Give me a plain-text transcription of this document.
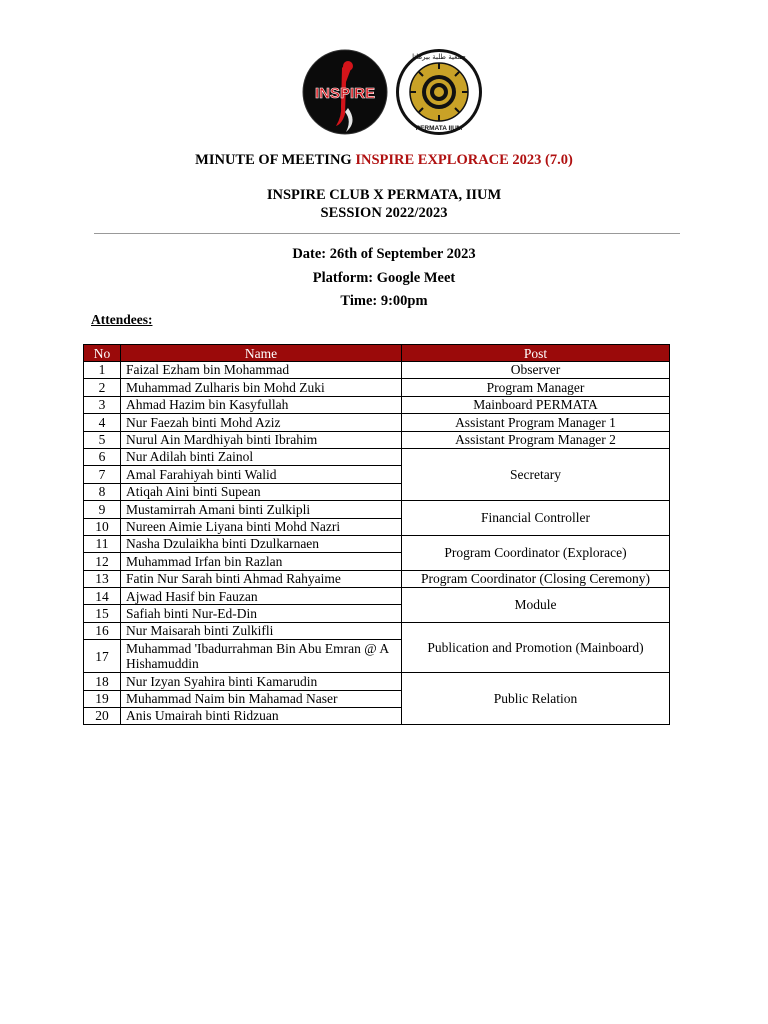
INSPIRE
جمعية طلبة بيرماتا
PERMATA IIUM
MINUTE OF MEETING INSPIRE EXPLORACE 2023 (7.0)
INSPIRE CLUB X PERMATA, IIUM
SESSION 2022/2023
Date: 26th of September 2023
Platform: Google Meet
Time: 9:00pm
Attendees:
No	Name	Post
1	Faizal Ezham bin Mohammad	Observer
2	Muhammad Zulharis bin Mohd Zuki	Program Manager
3	Ahmad Hazim bin Kasyfullah	Mainboard PERMATA
4	Nur Faezah binti Mohd Aziz	Assistant Program Manager 1
5	Nurul Ain Mardhiyah binti Ibrahim	Assistant Program Manager 2
6	Nur Adilah binti Zainol	Secretary
7	Amal Farahiyah binti Walid	
8	Atiqah Aini binti Supean	
9	Mustamirrah Amani binti Zulkipli	Financial Controller
10	Nureen Aimie Liyana binti Mohd Nazri	
11	Nasha Dzulaikha binti Dzulkarnaen	Program Coordinator (Explorace)
12	Muhammad Irfan bin Razlan	
13	Fatin Nur Sarah binti Ahmad Rahyaime	Program Coordinator (Closing Ceremony)
14	Ajwad Hasif bin Fauzan	Module
15	Safiah binti Nur-Ed-Din	
16	Nur Maisarah binti Zulkifli	Publication and Promotion (Mainboard)
17	Muhammad 'Ibadurrahman Bin Abu Emran @ A Hishamuddin	
18	Nur Izyan Syahira binti Kamarudin	Public Relation
19	Muhammad Naim bin Mahamad Naser	
20	Anis Umairah binti Ridzuan	
